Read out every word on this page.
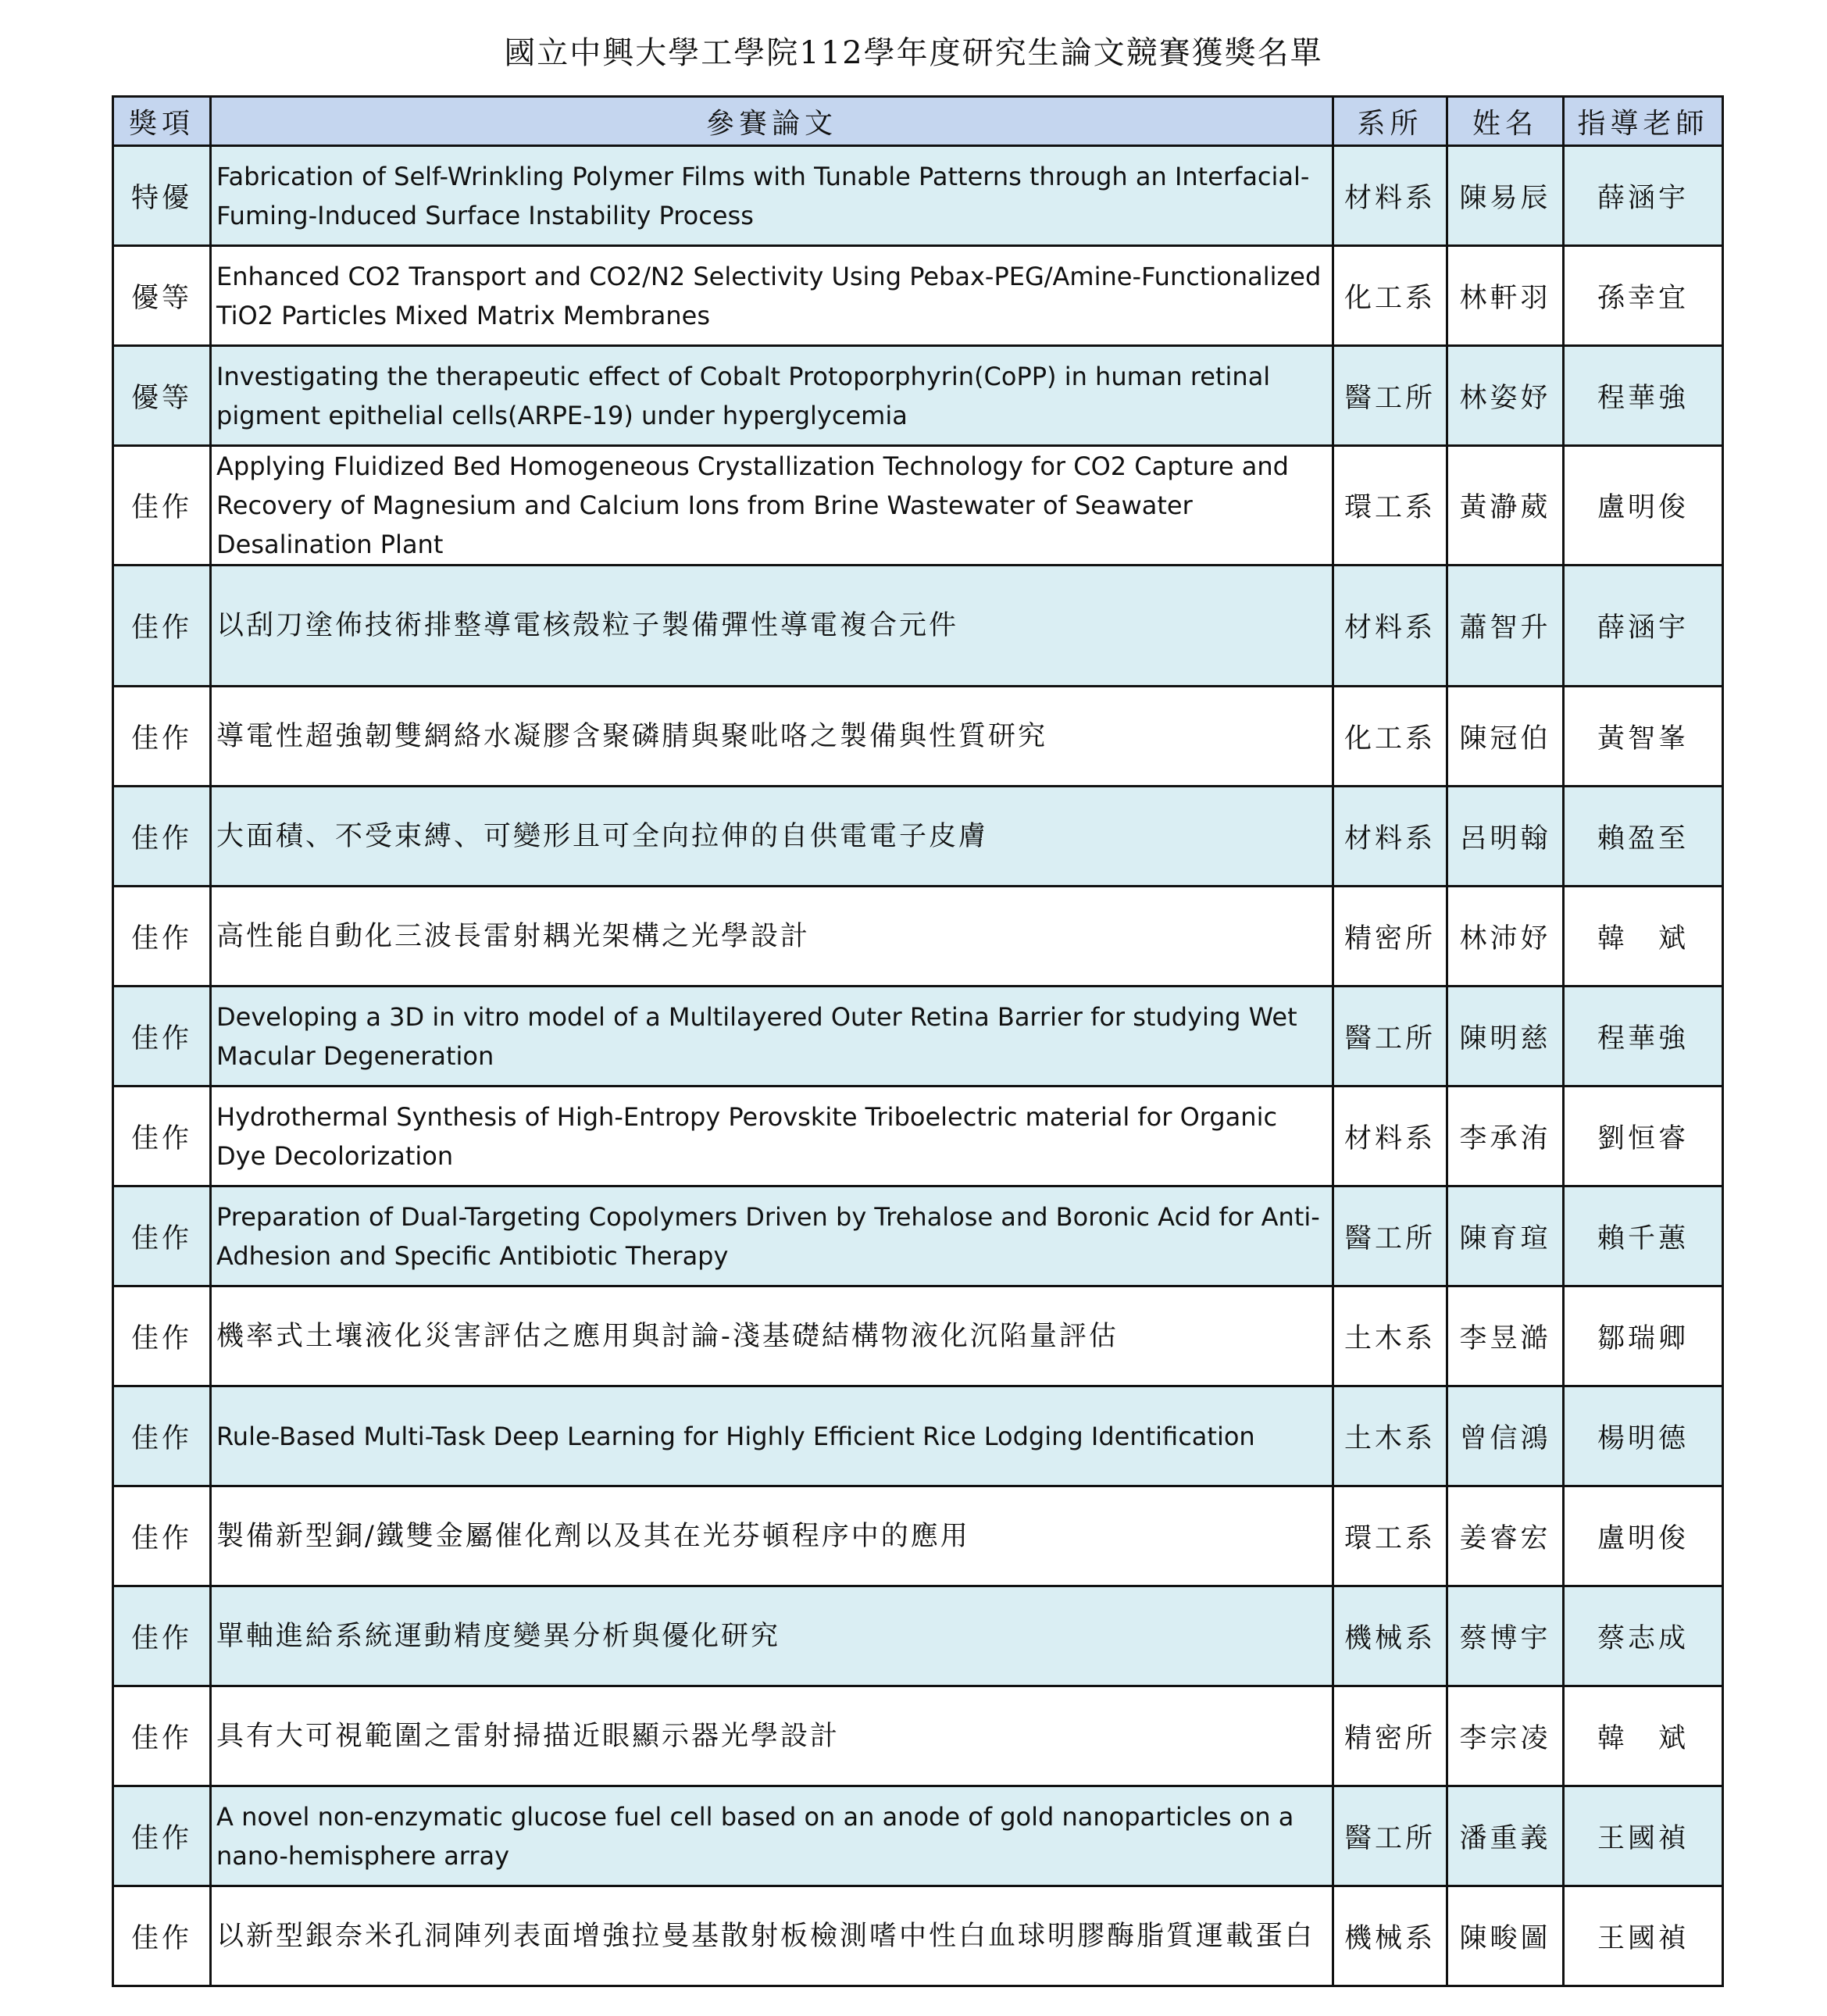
國立中興大學工學院112學年度研究生論文競賽獲獎名單
獎項	參賽論文	系所	姓名	指導老師
特優	Fabrication of Self-Wrinkling Polymer Films with Tunable Patterns through an Interfacial-Fuming-Induced Surface Instability Process	材料系	陳易辰	薛涵宇
優等	Enhanced CO2 Transport and CO2/N2 Selectivity Using Pebax-PEG/Amine-Functionalized TiO2 Particles Mixed Matrix Membranes	化工系	林軒羽	孫幸宜
優等	Investigating the therapeutic effect of Cobalt Protoporphyrin(CoPP) in human retinal pigment epithelial cells(ARPE-19) under hyperglycemia	醫工所	林姿妤	程華強
佳作	Applying Fluidized Bed Homogeneous Crystallization Technology for CO2 Capture and Recovery of Magnesium and Calcium Ions from Brine Wastewater of Seawater Desalination Plant	環工系	黃瀞葳	盧明俊
佳作	以刮刀塗佈技術排整導電核殼粒子製備彈性導電複合元件	材料系	蕭智升	薛涵宇
佳作	導電性超強韌雙網絡水凝膠含聚磷腈與聚吡咯之製備與性質研究	化工系	陳冠伯	黃智峯
佳作	大面積、不受束縛、可變形且可全向拉伸的自供電電子皮膚	材料系	呂明翰	賴盈至
佳作	高性能自動化三波長雷射耦光架構之光學設計	精密所	林沛妤	韓　斌
佳作	Developing a 3D in vitro model of a Multilayered Outer Retina Barrier for studying Wet Macular Degeneration	醫工所	陳明慈	程華強
佳作	Hydrothermal Synthesis of High-Entropy Perovskite Triboelectric material for Organic Dye Decolorization	材料系	李承洧	劉恒睿
佳作	Preparation of Dual-Targeting Copolymers Driven by Trehalose and Boronic Acid for Anti-Adhesion and Specific Antibiotic Therapy	醫工所	陳育瑄	賴千蕙
佳作	機率式土壤液化災害評估之應用與討論-淺基礎結構物液化沉陷量評估	土木系	李昱澔	鄒瑞卿
佳作	Rule-Based Multi-Task Deep Learning for Highly Efficient Rice Lodging Identification	土木系	曾信鴻	楊明德
佳作	製備新型銅/鐵雙金屬催化劑以及其在光芬頓程序中的應用	環工系	姜睿宏	盧明俊
佳作	單軸進給系統運動精度變異分析與優化研究	機械系	蔡博宇	蔡志成
佳作	具有大可視範圍之雷射掃描近眼顯示器光學設計	精密所	李宗凌	韓　斌
佳作	A novel non-enzymatic glucose fuel cell based on an anode of gold nanoparticles on a nano-hemisphere array	醫工所	潘重義	王國禎
佳作	以新型銀奈米孔洞陣列表面增強拉曼基散射板檢測嗜中性白血球明膠酶脂質運載蛋白	機械系	陳畯圖	王國禎
